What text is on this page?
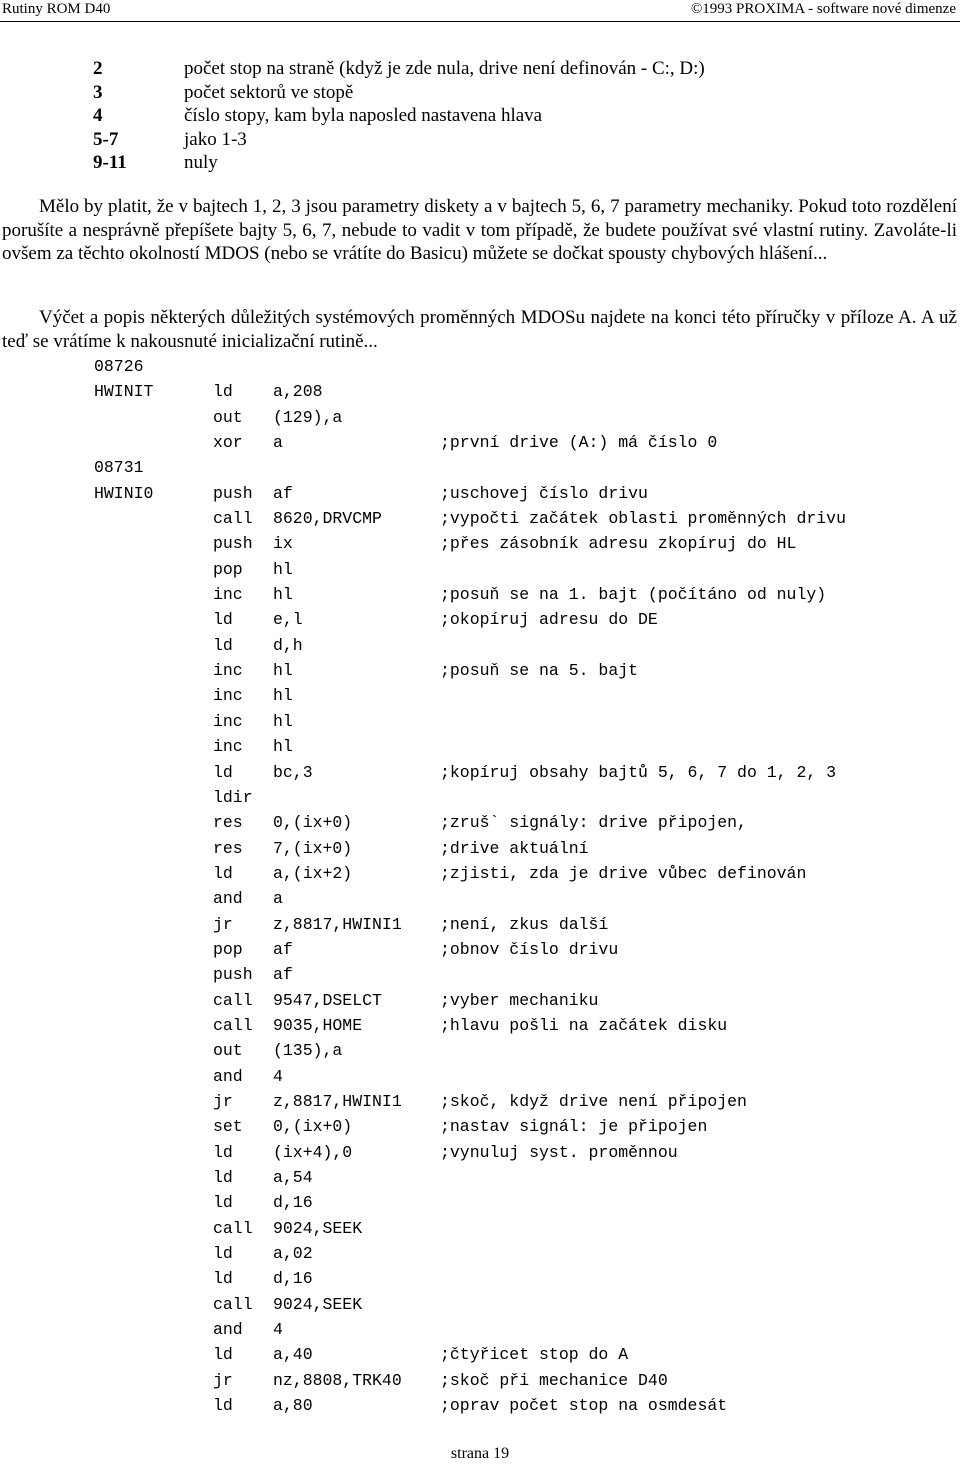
Rutiny ROM D40	©1993 PROXIMA - software nové dimenze
2	počet stop na straně (když je zde nula, drive není definován - C:, D:)
3	počet sektorů ve stopě
4	číslo stopy, kam byla naposled nastavena hlava
5-7	jako 1-3
9-11	nuly

Mělo by platit, že v bajtech 1, 2, 3 jsou parametry diskety a v bajtech 5, 6, 7 parametry mechaniky. Pokud toto rozdělení porušíte a nesprávně přepíšete bajty 5, 6, 7, nebude to vadit v tom případě, že budete používat své vlastní rutiny. Zavoláte-li ovšem za těchto okolností MDOS (nebo se vrátíte do Basicu) můžete se dočkat spousty chybových hlášení...

Výčet a popis některých důležitých systémových proměnných MDOSu najdete na konci této příručky v příloze A. A už teď se vrátíme k nakousnuté inicializační rutině...

08726
HWINIT	ld a,208
out (129),a
xor a	;první drive (A:) má číslo 0
08731
HWINI0	push af	;uschovej číslo drivu
call 8620,DRVCMP	;vypočti začátek oblasti proměnných drivu
push ix	;přes zásobník adresu zkopíruj do HL
pop hl
inc hl	;posuň se na 1. bajt (počítáno od nuly)
ld e,l	;okopíruj adresu do DE
ld d,h
inc hl	;posuň se na 5. bajt
inc hl
inc hl
inc hl
ld bc,3	;kopíruj obsahy bajtů 5, 6, 7 do 1, 2, 3
ldir
res 0,(ix+0)	;zruš` signály: drive připojen,
res 7,(ix+0)	;drive aktuální
ld a,(ix+2)	;zjisti, zda je drive vůbec definován
and a
jr z,8817,HWINI1 ;není, zkus další
pop af	;obnov číslo drivu
push af
call 9547,DSELCT	;vyber mechaniku
call 9035,HOME	;hlavu pošli na začátek disku
out (135),a
and 4
jr z,8817,HWINI1 ;skoč, když drive není připojen
set 0,(ix+0)	;nastav signál: je připojen
ld (ix+4),0	;vynuluj syst. proměnnou
ld a,54
ld d,16
call 9024,SEEK
ld a,02
ld d,16
call 9024,SEEK
and 4
ld a,40	;čtyřicet stop do A
jr nz,8808,TRK40 ;skoč při mechanice D40
ld a,80	;oprav počet stop na osmdesát
strana 19
